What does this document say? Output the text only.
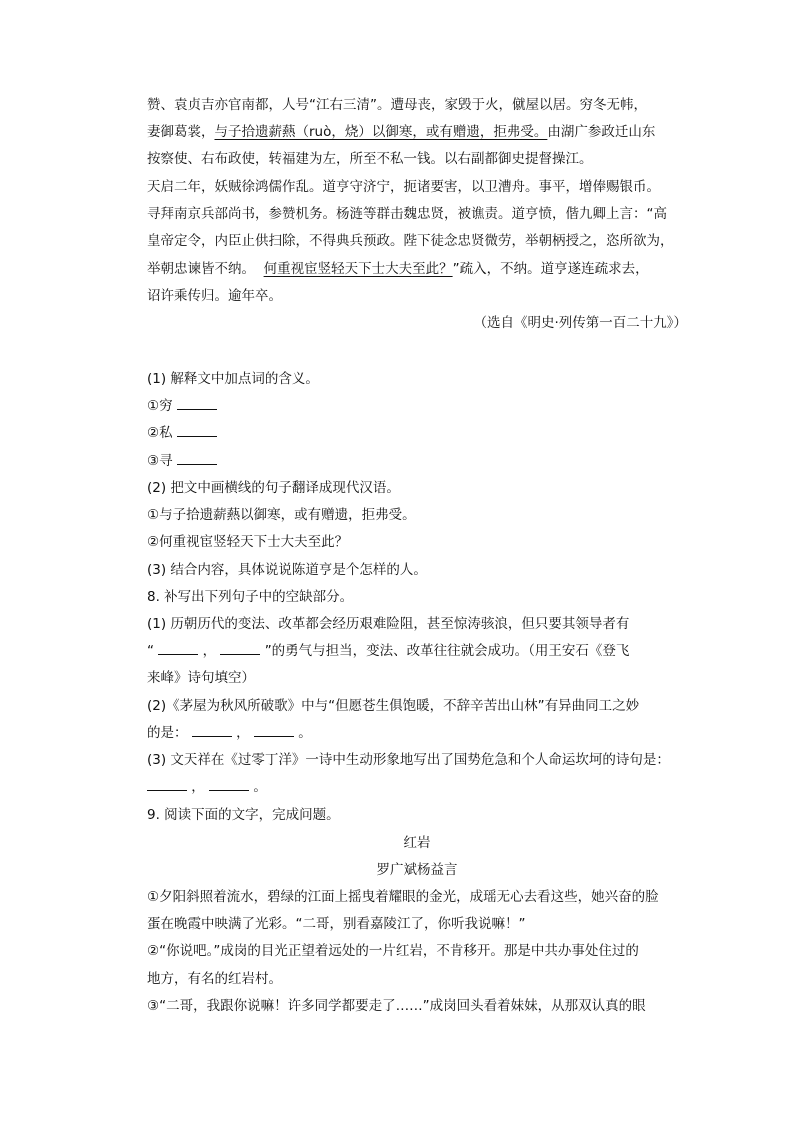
赞、袁贞吉亦官南都，人号“江右三清”。遭母丧，家毁于火，僦屋以居。穷冬无帏，
妻御葛裳，与子拾遗薪爇（ruò，烧）以御寒，或有赠遗，拒弗受。由湖广参政迁山东
按察使、右布政使，转福建为左，所至不私一钱。以右副都御史提督操江。
天启二年，妖贼徐鸿儒作乱。道亨守济宁，扼诸要害，以卫漕舟。事平，增俸赐银币。
寻拜南京兵部尚书，参赞机务。杨涟等群击魏忠贤，被谯责。道亨愤，偕九卿上言：“高
皇帝定令，内臣止供扫除，不得典兵预政。陛下徒念忠贤微劳，举朝柄授之，恣所欲为，
举朝忠谏皆不纳。 何重视宦竖轻天下士大夫至此？”疏入，不纳。道亨遂连疏求去，
诏许乘传归。逾年卒。
（选自《明史·列传第一百二十九》）
(1) 解释文中加点词的含义。
①穷
②私
③寻
(2) 把文中画横线的句子翻译成现代汉语。
①与子拾遗薪爇以御寒，或有赠遗，拒弗受。
②何重视宦竖轻天下士大夫至此？
(3) 结合内容，具体说说陈道亨是个怎样的人。
8. 补写出下列句子中的空缺部分。
(1) 历朝历代的变法、改革都会经历艰难险阻，甚至惊涛骇浪，但只要其领导者有
“	，	”的勇气与担当，变法、改革往往就会成功。（用王安石《登飞
来峰》诗句填空）
(2)《茅屋为秋风所破歌》中与“但愿苍生俱饱暖，不辞辛苦出山林”有异曲同工之妙
的是：	，	。
(3) 文天祥在《过零丁洋》一诗中生动形象地写出了国势危急和个人命运坎坷的诗句是：
，	。
9. 阅读下面的文字，完成问题。
红岩
罗广斌杨益言
①夕阳斜照着流水，碧绿的江面上摇曳着耀眼的金光，成瑶无心去看这些，她兴奋的脸
蛋在晚霞中映满了光彩。“二哥，别看嘉陵江了，你听我说嘛！”
②“你说吧。”成岗的目光正望着远处的一片红岩，不肯移开。那是中共办事处住过的
地方，有名的红岩村。
③“二哥，我跟你说嘛！许多同学都要走了……”成岗回头看着妹妹，从那双认真的眼
